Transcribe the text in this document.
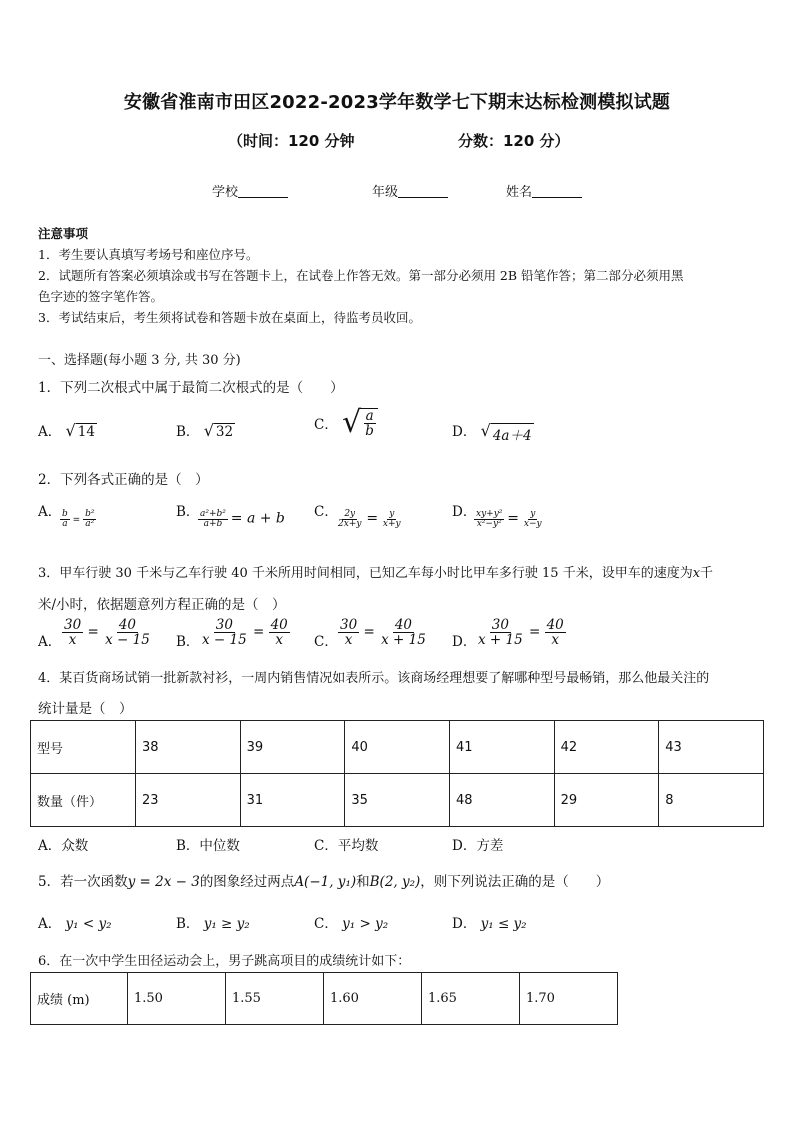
安徽省淮南市田区2022-2023学年数学七下期末达标检测模拟试题
（时间：120 分钟	分数：120 分）
学校	年级	姓名
注意事项
1．考生要认真填写考场号和座位序号。
2．试题所有答案必须填涂或书写在答题卡上，在试卷上作答无效。第一部分必须用 2B 铅笔作答；第二部分必须用黑
色字迹的签字笔作答。
3．考试结束后，考生须将试卷和答题卡放在桌面上，待监考员收回。
一、选择题(每小题 3 分, 共 30 分)
1．下列二次根式中属于最简二次根式的是（　　）
A． √ 14	B． √ 32	C． √ $\frac{a}{b}$	D． √ 4a＋4
2．下列各式正确的是（　）
A．
$\frac{b}{a} = \frac{\text{b²}}{\text{a²}}$	B．
$\frac{\text{a²+b²}}{a+b} = a + b$ C．
$\frac{2y}{2x+y} = \frac{y}{x+y}$	D．
$\frac{\text{xy+y²}}{\text{x²−y²}} = \frac{y}{x-y}$
3．甲车行驶 30 千米与乙车行驶 40 千米所用时间相同，已知乙车每小时比甲车多行驶 15 千米，设甲车的速度为x千
米/小时，依据题意列方程正确的是（　）
A． $\frac{30}{x} = \frac{40}{x - 15}$ B． $\frac{30}{x - 15} = \frac{40}{x}$ C． $\frac{30}{x} = \frac{40}{x + 15}$ D． $\frac{30}{x + 15} = \frac{40}{x}$
4．某百货商场试销一批新款衬衫，一周内销售情况如表所示。该商场经理想要了解哪种型号最畅销，那么他最关注的
统计量是（　）
型号	38	39	40	41	42	43
数量（件）	23	31	35	48	29	8
A．众数	B．中位数	C．平均数	D．方差
5．若一次函数y = 2x − 3的图象经过两点A(−1, y₁)和B(2, y₂)，则下列说法正确的是（　　）
A． y₁ < y₂	B． y₁ ≥ y₂	C． y₁ > y₂	D． y₁ ≤ y₂
6．在一次中学生田径运动会上，男子跳高项目的成绩统计如下：
成绩 (m)	1.50	1.55	1.60	1.65	1.70
